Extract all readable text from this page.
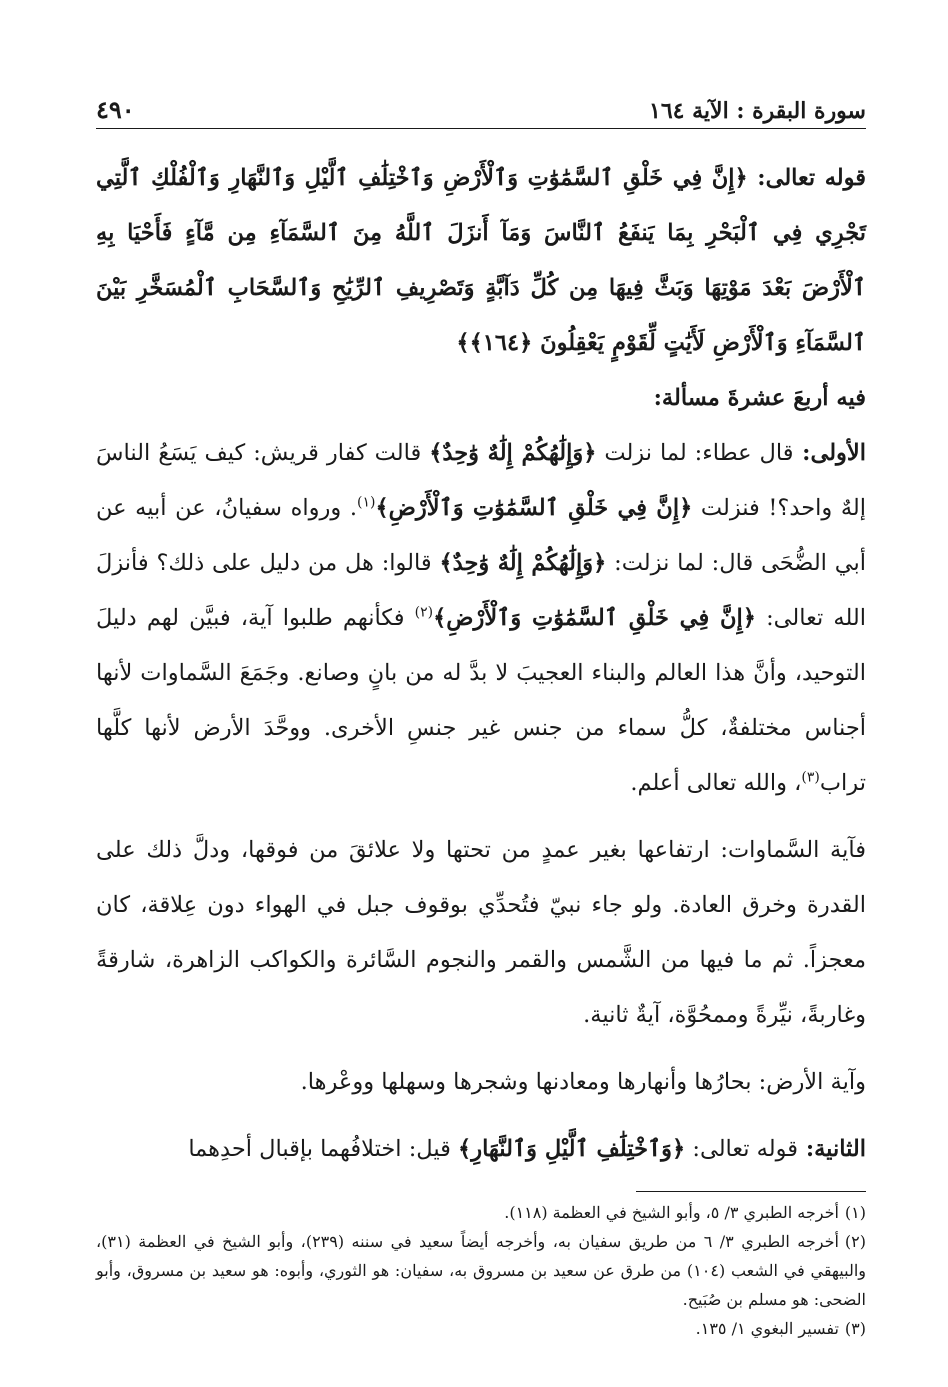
سورة البقرة : الآية ١٦٤
٤٩٠

قوله تعالى: ﴿إِنَّ فِي خَلْقِ ٱلسَّمَٰوَٰتِ وَٱلْأَرْضِ وَٱخْتِلَٰفِ ٱلَّيْلِ وَٱلنَّهَارِ وَٱلْفُلْكِ ٱلَّتِي تَجْرِي فِي ٱلْبَحْرِ بِمَا يَنفَعُ ٱلنَّاسَ وَمَآ أَنزَلَ ٱللَّهُ مِنَ ٱلسَّمَآءِ مِن مَّآءٍ فَأَحْيَا بِهِ ٱلْأَرْضَ بَعْدَ مَوْتِهَا وَبَثَّ فِيهَا مِن كُلِّ دَآبَّةٍ وَتَصْرِيفِ ٱلرِّيَٰحِ وَٱلسَّحَابِ ٱلْمُسَخَّرِ بَيْنَ ٱلسَّمَآءِ وَٱلْأَرْضِ لَأَيَٰتٍ لِّقَوْمٍ يَعْقِلُونَ ﴿١٦٤﴾﴾

فيه أربعَ عشرةَ مسألة:

الأولى: قال عطاء: لما نزلت ﴿وَإِلَٰهُكُمْ إِلَٰهٌ وَٰحِدٌ﴾ قالت كفار قريش: كيف يَسَعُ الناسَ إلهٌ واحد؟! فنزلت ﴿إِنَّ فِي خَلْقِ ٱلسَّمَٰوَٰتِ وَٱلْأَرْضِ﴾$^{(١)}$. ورواه سفيانُ، عن أبيه عن أبي الضُّحَى قال: لما نزلت: ﴿وَإِلَٰهُكُمْ إِلَٰهٌ وَٰحِدٌ﴾ قالوا: هل من دليل على ذلك؟ فأنزلَ الله تعالى: ﴿إِنَّ فِي خَلْقِ ٱلسَّمَٰوَٰتِ وَٱلْأَرْضِ﴾$^{(٢)}$ فكأنهم طلبوا آية، فبيَّن لهم دليلَ التوحيد، وأنَّ هذا العالم والبناء العجيبَ لا بدَّ له من بانٍ وصانع. وجَمَعَ السَّماوات لأنها أجناس مختلفةٌ، كلُّ سماء من جنس غير جنسِ الأخرى. ووحَّدَ الأرض لأنها كلَّها تراب$^{(٣)}$، والله تعالى أعلم.

فآية السَّماوات: ارتفاعها بغير عمدٍ من تحتها ولا علائقَ من فوقها، ودلَّ ذلك على القدرة وخرق العادة. ولو جاء نبيّ فتُحدِّي بوقوف جبل في الهواء دون عِلاقة، كان معجزاً. ثم ما فيها من الشَّمس والقمر والنجوم السَّائرة والكواكب الزاهرة، شارقةً وغاربةً، نيِّرةً وممحُوَّة، آيةٌ ثانية.

وآية الأرض: بحارُها وأنهارها ومعادنها وشجرها وسهلها ووعْرها.

الثانية: قوله تعالى: ﴿وَٱخْتِلَٰفِ ٱلَّيْلِ وَٱلنَّهَارِ﴾ قيل: اختلافُهما بإقبال أحدِهما

(١)أخرجه الطبري ٣/ ٥، وأبو الشيخ في العظمة (١١٨).

(٢)أخرجه الطبري ٣/ ٦ من طريق سفيان به، وأخرجه أيضاً سعيد في سننه (٢٣٩)، وأبو الشيخ في العظمة (٣١)، والبيهقي في الشعب (١٠٤) من طرق عن سعيد بن مسروق به، سفيان: هو الثوري، وأبوه: هو سعيد بن مسروق، وأبو الضحى: هو مسلم بن صُبَيح.

(٣)تفسير البغوي ١/ ١٣٥.
